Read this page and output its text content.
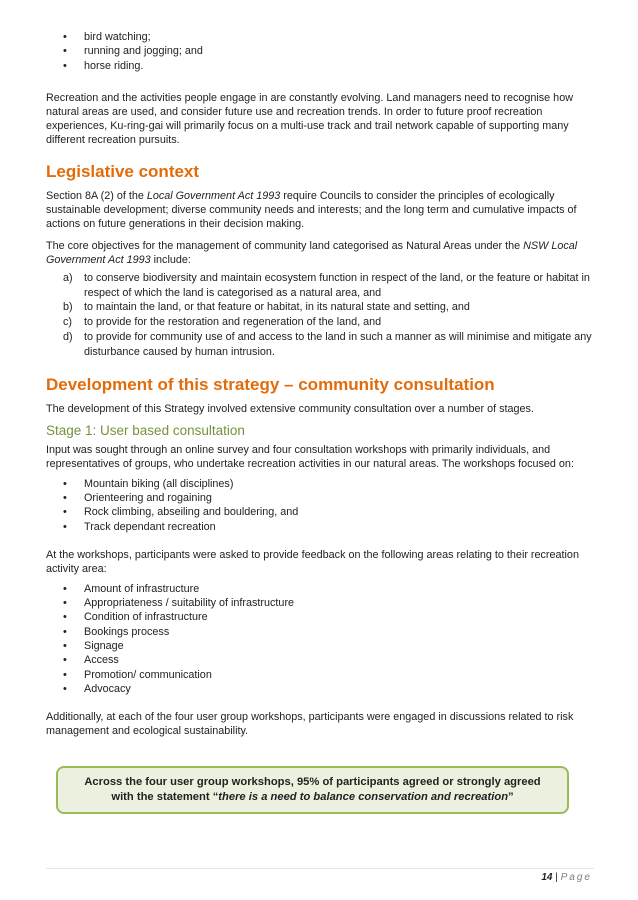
• bird watching;
• running and jogging; and
• horse riding.

Recreation and the activities people engage in are constantly evolving. Land managers need to recognise how natural areas are used, and consider future use and recreation trends. In order to future proof recreation experiences, Ku-ring-gai will primarily focus on a multi-use track and trail network capable of supporting many different recreation pursuits.

Legislative context

Section 8A (2) of the Local Government Act 1993 require Councils to consider the principles of ecologically sustainable development; diverse community needs and interests; and the long term and cumulative impacts of actions on future generations in their decision making.

The core objectives for the management of community land categorised as Natural Areas under the NSW Local Government Act 1993 include:

a) to conserve biodiversity and maintain ecosystem function in respect of the land, or the feature or habitat in respect of which the land is categorised as a natural area, and
b) to maintain the land, or that feature or habitat, in its natural state and setting, and
c) to provide for the restoration and regeneration of the land, and
d) to provide for community use of and access to the land in such a manner as will minimise and mitigate any disturbance caused by human intrusion.
Development of this strategy – community consultation

The development of this Strategy involved extensive community consultation over a number of stages.

Stage 1: User based consultation

Input was sought through an online survey and four consultation workshops with primarily individuals, and representatives of groups, who undertake recreation activities in our natural areas. The workshops focused on:

• Mountain biking (all disciplines)
• Orienteering and rogaining
• Rock climbing, abseiling and bouldering, and
• Track dependant recreation

At the workshops, participants were asked to provide feedback on the following areas relating to their recreation activity area:

• Amount of infrastructure
• Appropriateness / suitability of infrastructure
• Condition of infrastructure
• Bookings process
• Signage
• Access
• Promotion/ communication
• Advocacy

Additionally, at each of the four user group workshops, participants were engaged in discussions related to risk management and ecological sustainability.

Across the four user group workshops, 95% of participants agreed or strongly agreed
with the statement “there is a need to balance conservation and recreation”
14 | Page
